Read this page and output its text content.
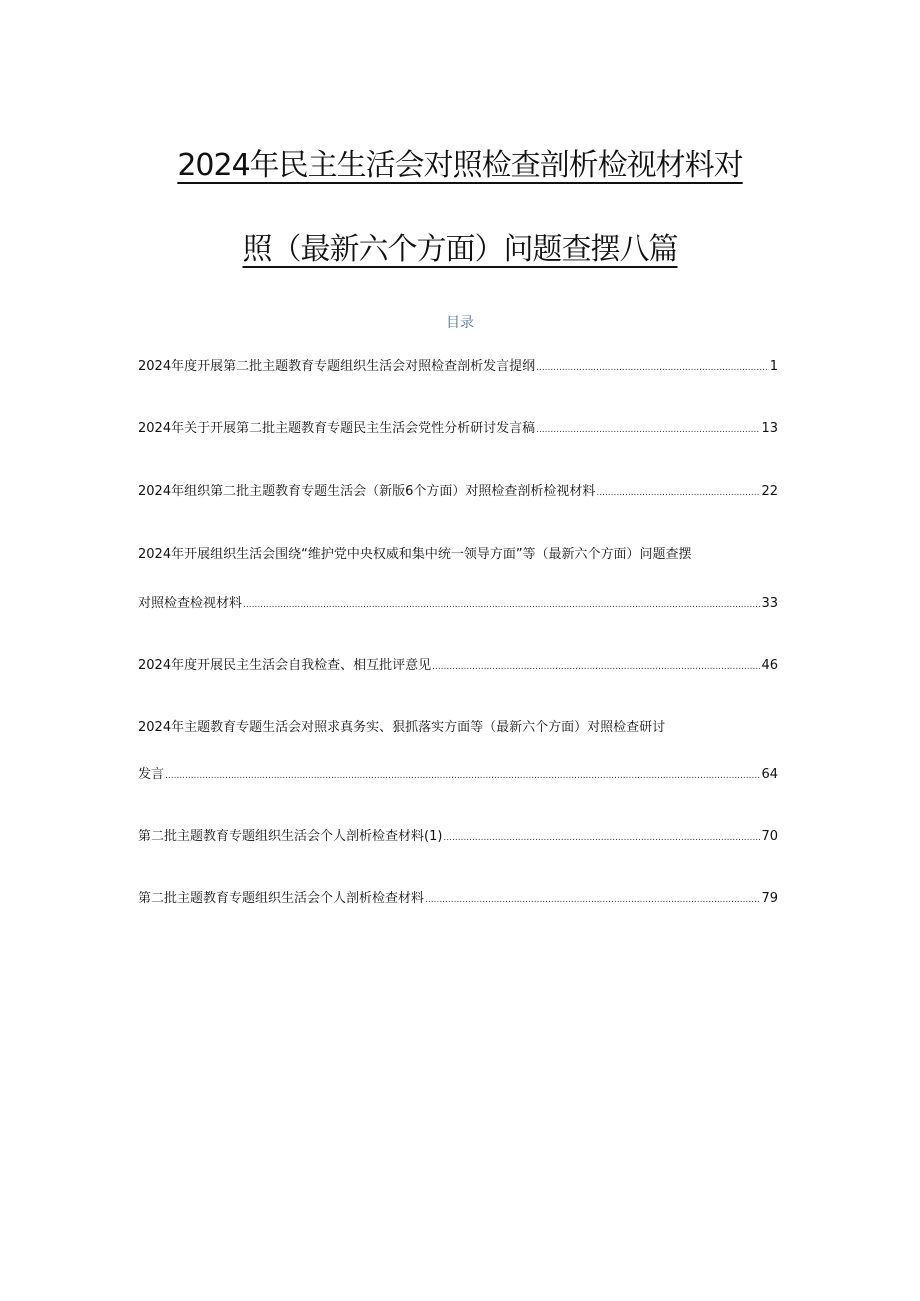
2024年民主生活会对照检查剖析检视材料对
照（最新六个方面）问题查摆八篇
目录
2024年度开展第二批主题教育专题组织生活会对照检查剖析发言提纲 .....	1
2024年关于开展第二批主题教育专题民主生活会党性分析研讨发言稿 .....	13
2024年组织第二批主题教育专题生活会（新版6个方面）对照检查剖析检视材料 .....	22
2024年开展组织生活会围绕“维护党中央权威和集中统一领导方面”等（最新六个方面）问题查摆
对照检查检视材料 .....	33
2024年度开展民主生活会自我检查、相互批评意见 .....	46
2024年主题教育专题生活会对照求真务实、狠抓落实方面等（最新六个方面）对照检查研讨
发言 .....	64
第二批主题教育专题组织生活会个人剖析检查材料(1) .....	70
第二批主题教育专题组织生活会个人剖析检查材料 .....	79
